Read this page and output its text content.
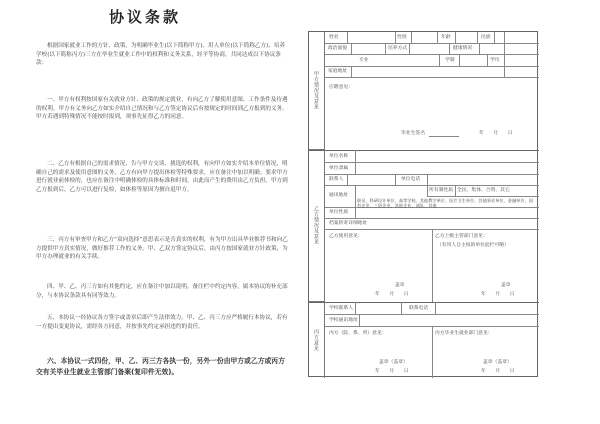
协议条款

根据国家就业工作的方针、政策，为明确毕业生(以下简称甲方)、用人单位(以下简称乙方)、培养学校(以下简称丙方)三方在毕业生就业工作中的权利和义务关系，经平等协商，共同达成以下协议条款：

一、甲方有权利按国家有关就业方针、政策的规定就业，有向乙方了解使用意图、工作条件及待遇的权利。甲方有义务向乙方如实介绍自己情况和与乙方签定协议后有按规定的时间到乙方报到的义务。甲方若遇到特殊情况不能按时报到，须事先征得乙方的同意。

二、乙方有根据自己的需求情况，告与甲方交谈、挑选的权利，有向甲方如实介绍本单位情况，明确自己的需求及使用意图的义务，乙方有向甲方提出体检等特殊要求，应在备注中加以明确；要求甲方进行就业前体检的，也应在备注中明确体检的具体标准和时间，由此而产生的费用由乙方负担。甲方到乙方报到后，乙方可以进行复检，如体检等原因为擅自退甲方。

三、丙方有审查甲方和乙方“双向选择”意思表示是否真实的权利，有为甲方出具毕业推荐书和向乙方提供甲方真实情况，做好推荐工作的义务。甲、乙双方签定协议后，由丙方按国家就业方针政策，为甲方办理就业的有关手续。

四、甲、乙、丙三方如有其他约定，应在备注中加以说明。备注栏中约定内容，属本协议的补充部分，与本协议条款具有同等效力。

五、本协议一经协议各方签字或盖章后即产生法律效力。甲、乙、丙三方应严格履行本协议，若有一方提出变更协议，需经各方同意，并按事先约定承担违约的责任。

六、本协议一式四份，甲、乙、丙三方各执一份，另外一份由甲方或乙方或丙方交有关毕业生就业主管部门备案(复印件无效)。

甲方情况及意见
姓名	性别	年龄	民族
政治面貌	培养方式	健康情况
专业	学制	学历
家庭地址
应聘意见：
毕业生签名	年　　月　　日
乙方情况及意见
单位名称
单位隶属
联系人	单位电话
通讯地址
所有制性质 全民、集体、合资、其它
单位性质
职员、科研设计单位、高等学校、其他教学单位、医疗卫生单位、其他事业单位、金融单位、国有企业、三资企业、其他企业、部队、其他
档案转寄详细地址
乙方使用意见：
盖章
年　　月　　日
乙方上级主管部门意见：
（有用人自主权的单位此栏可略）
盖章
年　　月　　日
丙方意见
学校联系人	联系电话
学校通讯地址
丙方（院、系、所）意见：
盖章（盖章）
年　　月　　日
丙方毕业生就业部门意见：
盖章（盖章）
年　　月　　日
